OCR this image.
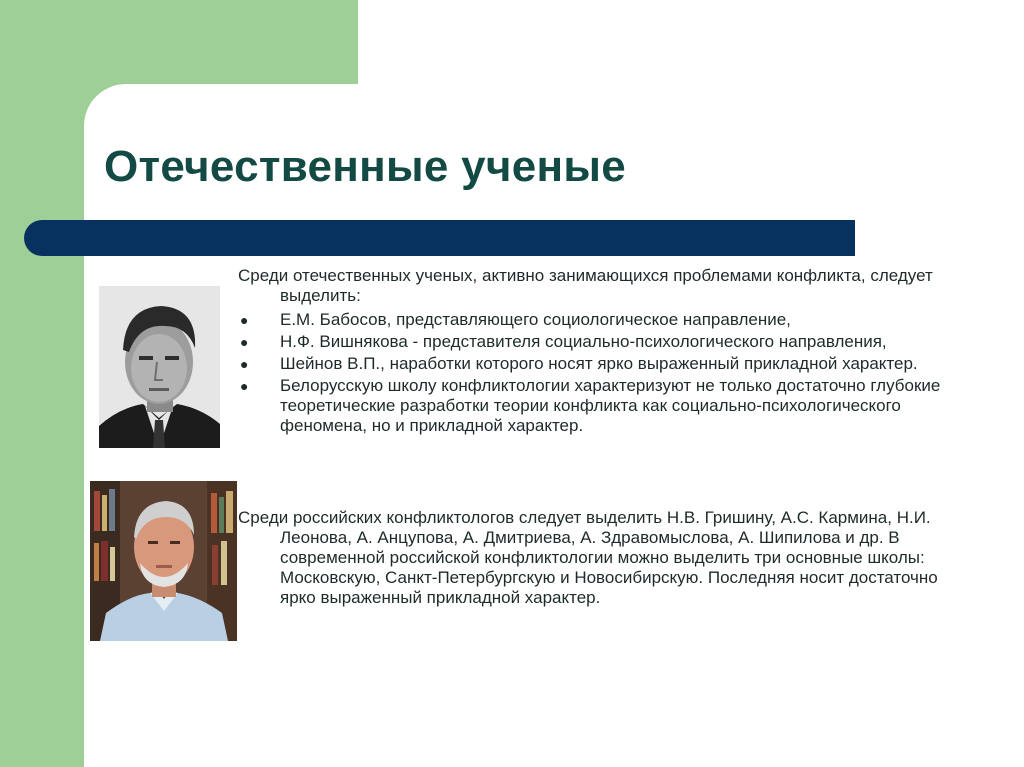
Отечественные ученые

Среди отечественных ученых, активно занимающихся проблемами конфликта, следует выделить:

● Е.М. Бабосов, представляющего социологическое направление,
● Н.Ф. Вишнякова - представителя социально-психологического направления,
● Шейнов В.П., наработки которого носят ярко выраженный прикладной характер.
● Белорусскую школу конфликтологии характеризуют не только достаточно глубокие теоретические разработки теории конфликта как социально-психологического феномена, но и прикладной характер.

Среди российских конфликтологов следует выделить Н.В. Гришину, А.С. Кармина, Н.И. Леонова, А. Анцупова, А. Дмитриева, А. Здравомыслова, А. Шипилова и др. В современной российской конфликтологии можно выделить три основные школы: Московскую, Санкт-Петербургскую и Новосибирскую. Последняя носит достаточно ярко выраженный прикладной характер.
